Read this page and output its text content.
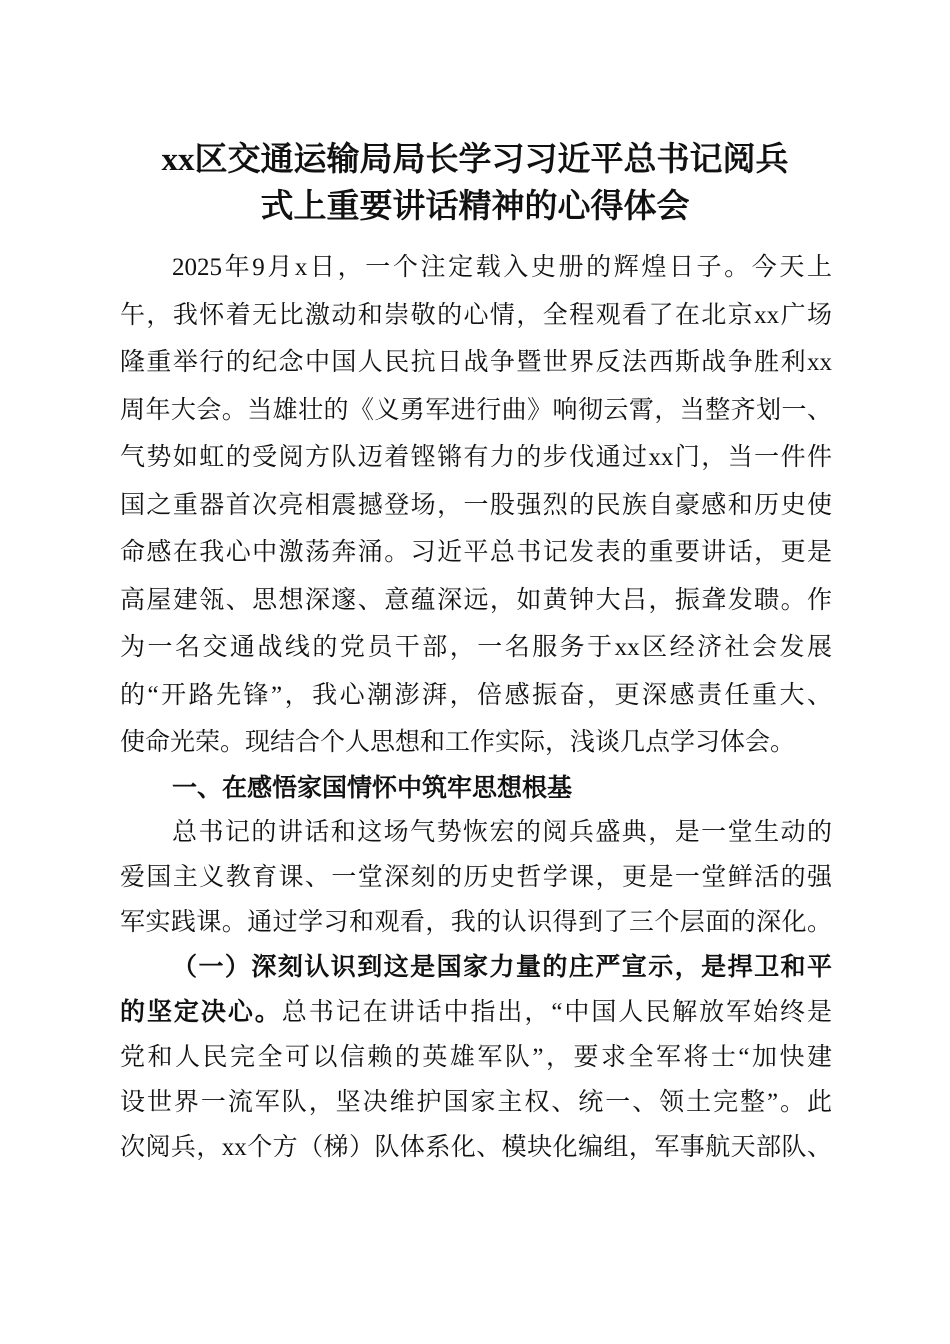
xx区交通运输局局长学习习近平总书记阅兵
式上重要讲话精神的心得体会
2025年9月x日，一个注定载入史册的辉煌日子。今天上
午，我怀着无比激动和崇敬的心情，全程观看了在北京xx广场
隆重举行的纪念中国人民抗日战争暨世界反法西斯战争胜利xx
周年大会。当雄壮的《义勇军进行曲》响彻云霄，当整齐划一、
气势如虹的受阅方队迈着铿锵有力的步伐通过xx门，当一件件
国之重器首次亮相震撼登场，一股强烈的民族自豪感和历史使
命感在我心中激荡奔涌。习近平总书记发表的重要讲话，更是
高屋建瓴、思想深邃、意蕴深远，如黄钟大吕，振聋发聩。作
为一名交通战线的党员干部，一名服务于xx区经济社会发展
的“开路先锋”，我心潮澎湃，倍感振奋，更深感责任重大、
使命光荣。现结合个人思想和工作实际，浅谈几点学习体会。
一、在感悟家国情怀中筑牢思想根基
总书记的讲话和这场气势恢宏的阅兵盛典，是一堂生动的
爱国主义教育课、一堂深刻的历史哲学课，更是一堂鲜活的强
军实践课。通过学习和观看，我的认识得到了三个层面的深化。
（一）深刻认识到这是国家力量的庄严宣示，是捍卫和平
的坚定决心。总书记在讲话中指出，“中国人民解放军始终是
党和人民完全可以信赖的英雄军队”，要求全军将士“加快建
设世界一流军队，坚决维护国家主权、统一、领土完整”。此
次阅兵，xx个方（梯）队体系化、模块化编组，军事航天部队、
